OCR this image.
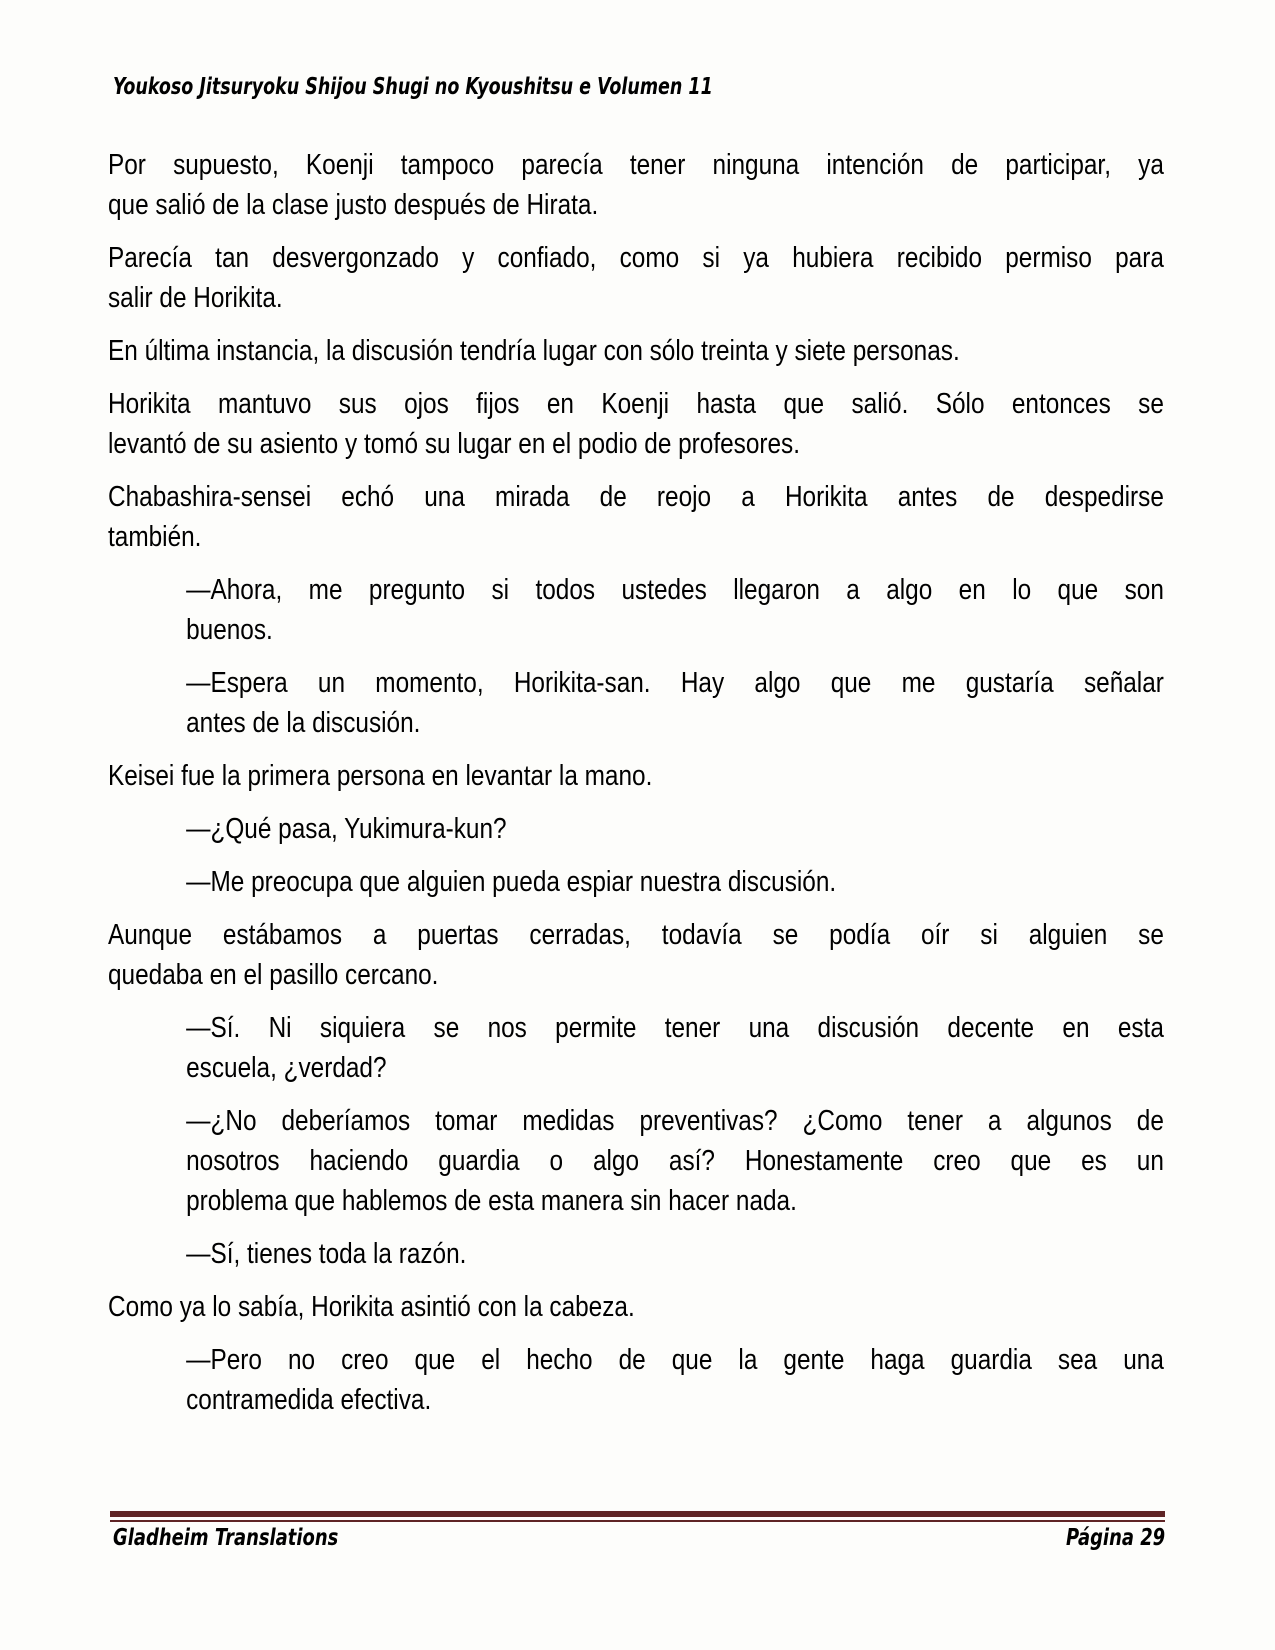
Youkoso Jitsuryoku Shijou Shugi no Kyoushitsu e Volumen 11
Por supuesto, Koenji tampoco parecía tener ninguna intención de participar, ya
que salió de la clase justo después de Hirata.
Parecía tan desvergonzado y confiado, como si ya hubiera recibido permiso para
salir de Horikita.
En última instancia, la discusión tendría lugar con sólo treinta y siete personas.
Horikita mantuvo sus ojos fijos en Koenji hasta que salió. Sólo entonces se
levantó de su asiento y tomó su lugar en el podio de profesores.
Chabashira-sensei echó una mirada de reojo a Horikita antes de despedirse
también.
—Ahora, me pregunto si todos ustedes llegaron a algo en lo que son
buenos.
—Espera un momento, Horikita-san. Hay algo que me gustaría señalar
antes de la discusión.
Keisei fue la primera persona en levantar la mano.
—¿Qué pasa, Yukimura-kun?
—Me preocupa que alguien pueda espiar nuestra discusión.
Aunque estábamos a puertas cerradas, todavía se podía oír si alguien se
quedaba en el pasillo cercano.
—Sí. Ni siquiera se nos permite tener una discusión decente en esta
escuela, ¿verdad?
—¿No deberíamos tomar medidas preventivas? ¿Como tener a algunos de
nosotros haciendo guardia o algo así? Honestamente creo que es un
problema que hablemos de esta manera sin hacer nada.
—Sí, tienes toda la razón.
Como ya lo sabía, Horikita asintió con la cabeza.
—Pero no creo que el hecho de que la gente haga guardia sea una
contramedida efectiva.
Gladheim Translations	Página 29
